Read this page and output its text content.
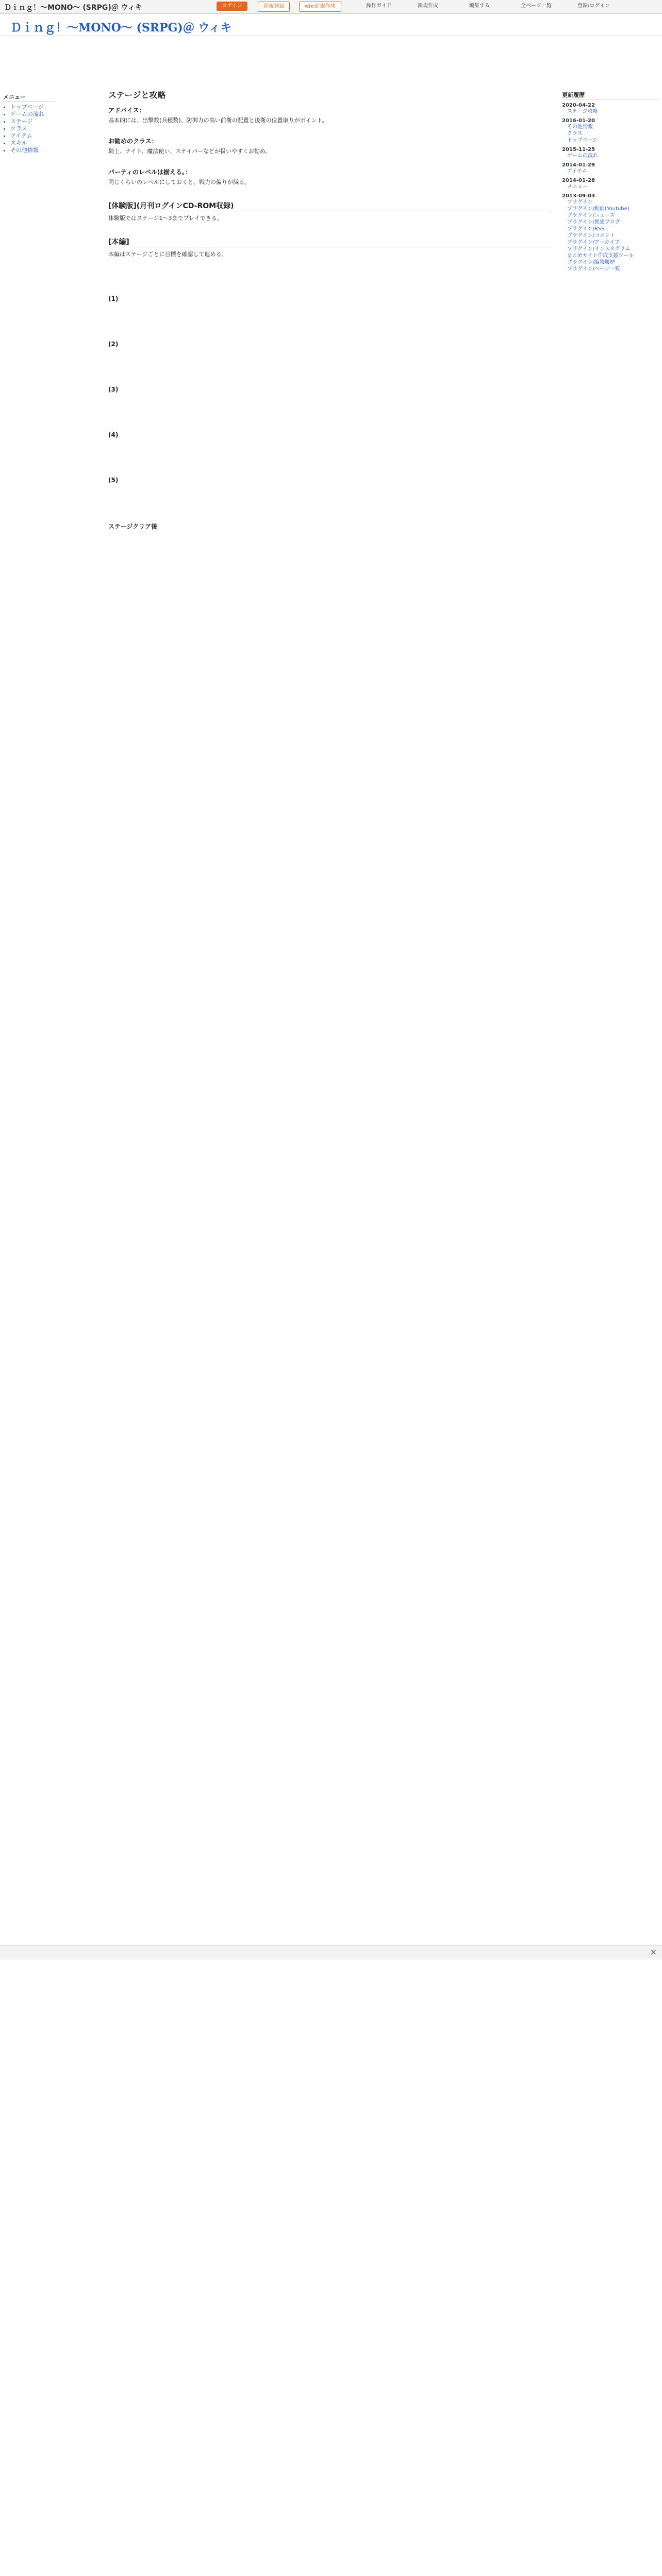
Ｄｉｎｇ！〜MONO〜 (SRPG)＠ ウィキ	ログイン	新規登録	wiki新規作成	操作ガイド	新規作成	編集する	全ページ一覧	登録/ログイン
Ｄｉｎｇ！〜MONO〜 (SRPG)＠ ウィキ
メニュー
• トップページ
• ゲームの流れ
• ステージ
• クラス
• アイテム
• スキル
• その他情報
更新履歴
2020-04-22
ステージ攻略
2016-01-20
その他情報
クラス
トップページ
2015-11-25
ゲームの流れ
2014-01-29
アイテム
2014-01-28
メニュー
2013-09-03
プラグイン
プラグイン/動画(Youtube)
プラグイン/ニュース
プラグイン/関連ブログ
プラグイン/RSS
プラグイン/コメント
プラグイン/アーカイブ
プラグイン/インスタグラム
まとめサイト作成支援ツール
プラグイン/編集履歴
プラグイン/ページ一覧
ステージと攻略
アドバイス：

基本的には、出撃数(兵種数)、防御力の高い前衛の配置と後衛の位置取りがポイント。

お勧めのクラス：

騎士、ナイト、魔法使い、スナイパーなどが扱いやすくお勧め。

パーティのレベルは揃える。：

同じくらいのレベルにしておくと、戦力の偏りが減る。

[体験版](月刊ログインCD-ROM収録)

体験版ではステージ1〜3までプレイできる。

[本編]

本編はステージごとに目標を確認して進める。

(1)
(2)
(3)
(4)
(5)
ステージクリア後
×
